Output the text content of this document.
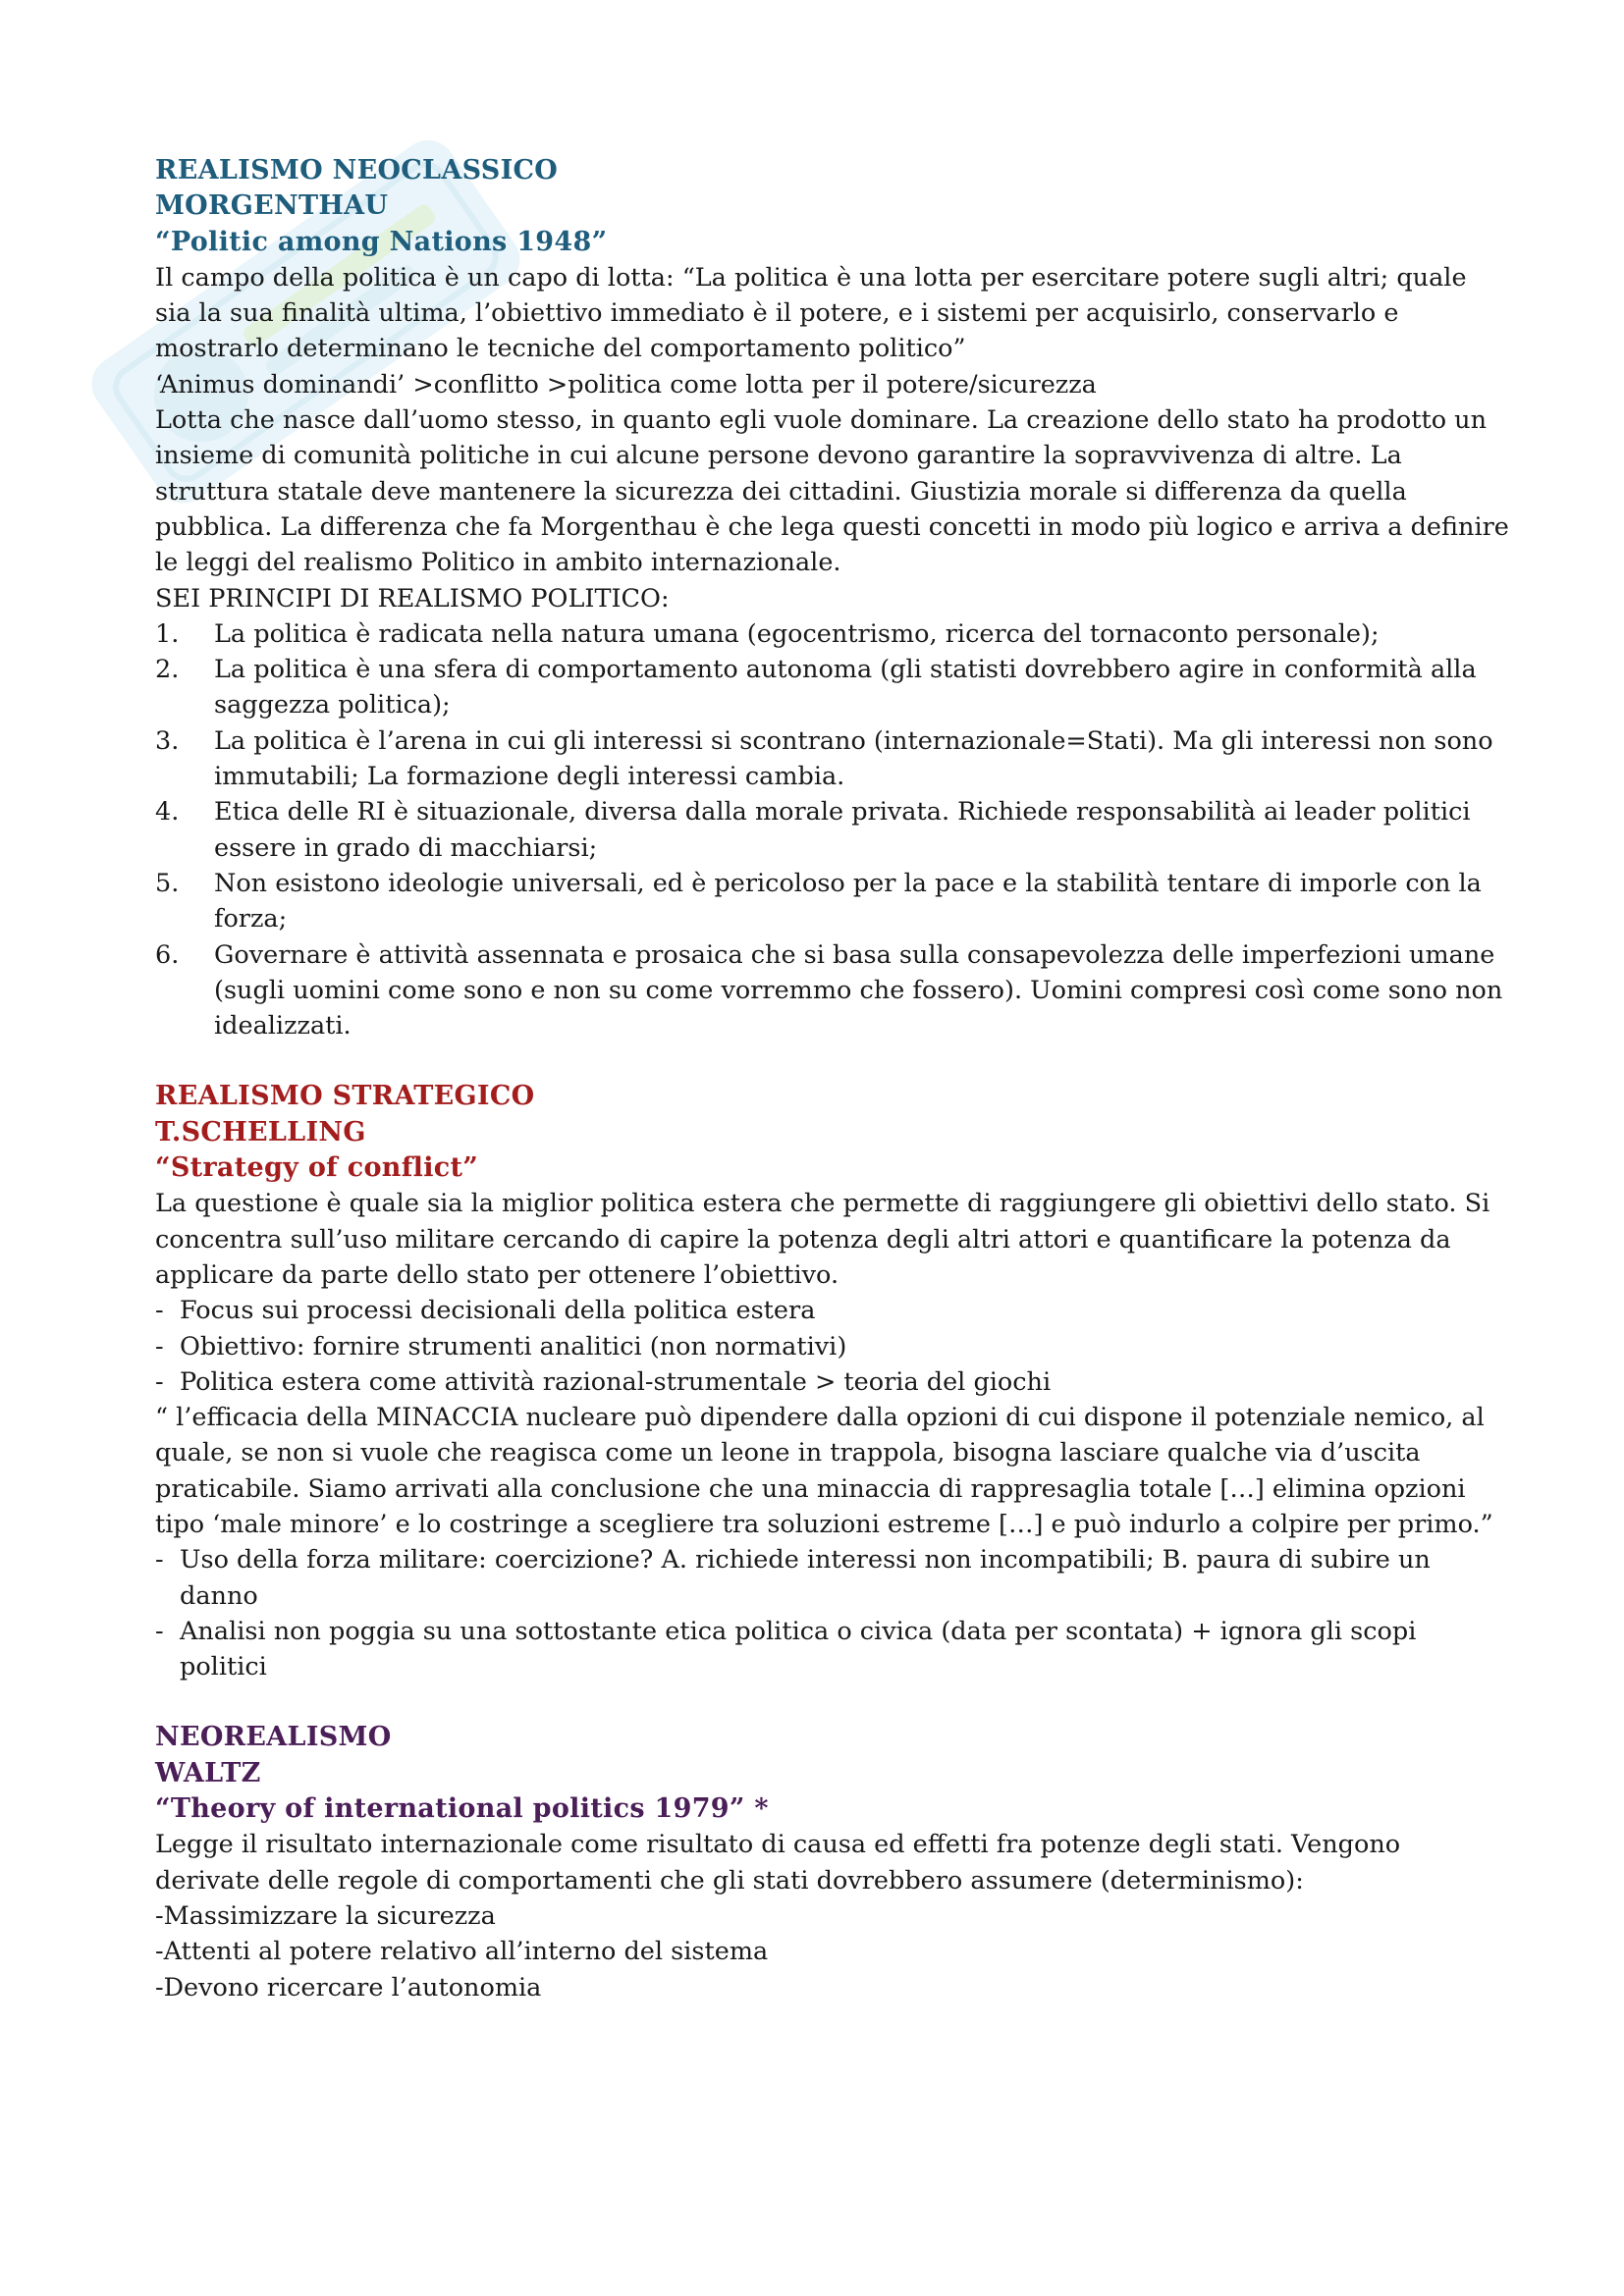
REALISMO NEOCLASSICO
MORGENTHAU
“Politic among Nations 1948”

Il campo della politica è un capo di lotta: “La politica è una lotta per esercitare potere sugli altri; quale sia la sua finalità ultima, l’obiettivo immediato è il potere, e i sistemi per acquisirlo, conservarlo e mostrarlo determinano le tecniche del comportamento politico”

‘Animus dominandi’ >conflitto >politica come lotta per il potere/sicurezza

Lotta che nasce dall’uomo stesso, in quanto egli vuole dominare. La creazione dello stato ha prodotto un insieme di comunità politiche in cui alcune persone devono garantire la sopravvivenza di altre. La struttura statale deve mantenere la sicurezza dei cittadini. Giustizia morale si differenza da quella pubblica. La differenza che fa Morgenthau è che lega questi concetti in modo più logico e arriva a definire le leggi del realismo Politico in ambito internazionale.

SEI PRINCIPI DI REALISMO POLITICO:

1.	La politica è radicata nella natura umana (egocentrismo, ricerca del tornaconto personale);
2.	La politica è una sfera di comportamento autonoma (gli statisti dovrebbero agire in conformità alla saggezza politica);
3.	La politica è l’arena in cui gli interessi si scontrano (internazionale=Stati). Ma gli interessi non sono immutabili; La formazione degli interessi cambia.
4.	Etica delle RI è situazionale, diversa dalla morale privata. Richiede responsabilità ai leader politici essere in grado di macchiarsi;
5.	Non esistono ideologie universali, ed è pericoloso per la pace e la stabilità tentare di imporle con la forza;
6.	Governare è attività assennata e prosaica che si basa sulla consapevolezza delle imperfezioni umane (sugli uomini come sono e non su come vorremmo che fossero). Uomini compresi così come sono non idealizzati.
REALISMO STRATEGICO
T.SCHELLING
“Strategy of conflict”

La questione è quale sia la miglior politica estera che permette di raggiungere gli obiettivi dello stato. Si concentra sull’uso militare cercando di capire la potenza degli altri attori e quantificare la potenza da applicare da parte dello stato per ottenere l’obiettivo.

- Focus sui processi decisionali della politica estera
- Obiettivo: fornire strumenti analitici (non normativi)
- Politica estera come attività razional-strumentale > teoria del giochi

“ l’efficacia della MINACCIA nucleare può dipendere dalla opzioni di cui dispone il potenziale nemico, al quale, se non si vuole che reagisca come un leone in trappola, bisogna lasciare qualche via d’uscita praticabile. Siamo arrivati alla conclusione che una minaccia di rappresaglia totale […] elimina opzioni tipo ‘male minore’ e lo costringe a scegliere tra soluzioni estreme […] e può indurlo a colpire per primo.”

- Uso della forza militare: coercizione? A. richiede interessi non incompatibili; B. paura di subire un danno
- Analisi non poggia su una sottostante etica politica o civica (data per scontata) + ignora gli scopi politici
NEOREALISMO
WALTZ
“Theory of international politics 1979” *

Legge il risultato internazionale come risultato di causa ed effetti fra potenze degli stati. Vengono derivate delle regole di comportamenti che gli stati dovrebbero assumere (determinismo):

-Massimizzare la sicurezza

-Attenti al potere relativo all’interno del sistema

-Devono ricercare l’autonomia
